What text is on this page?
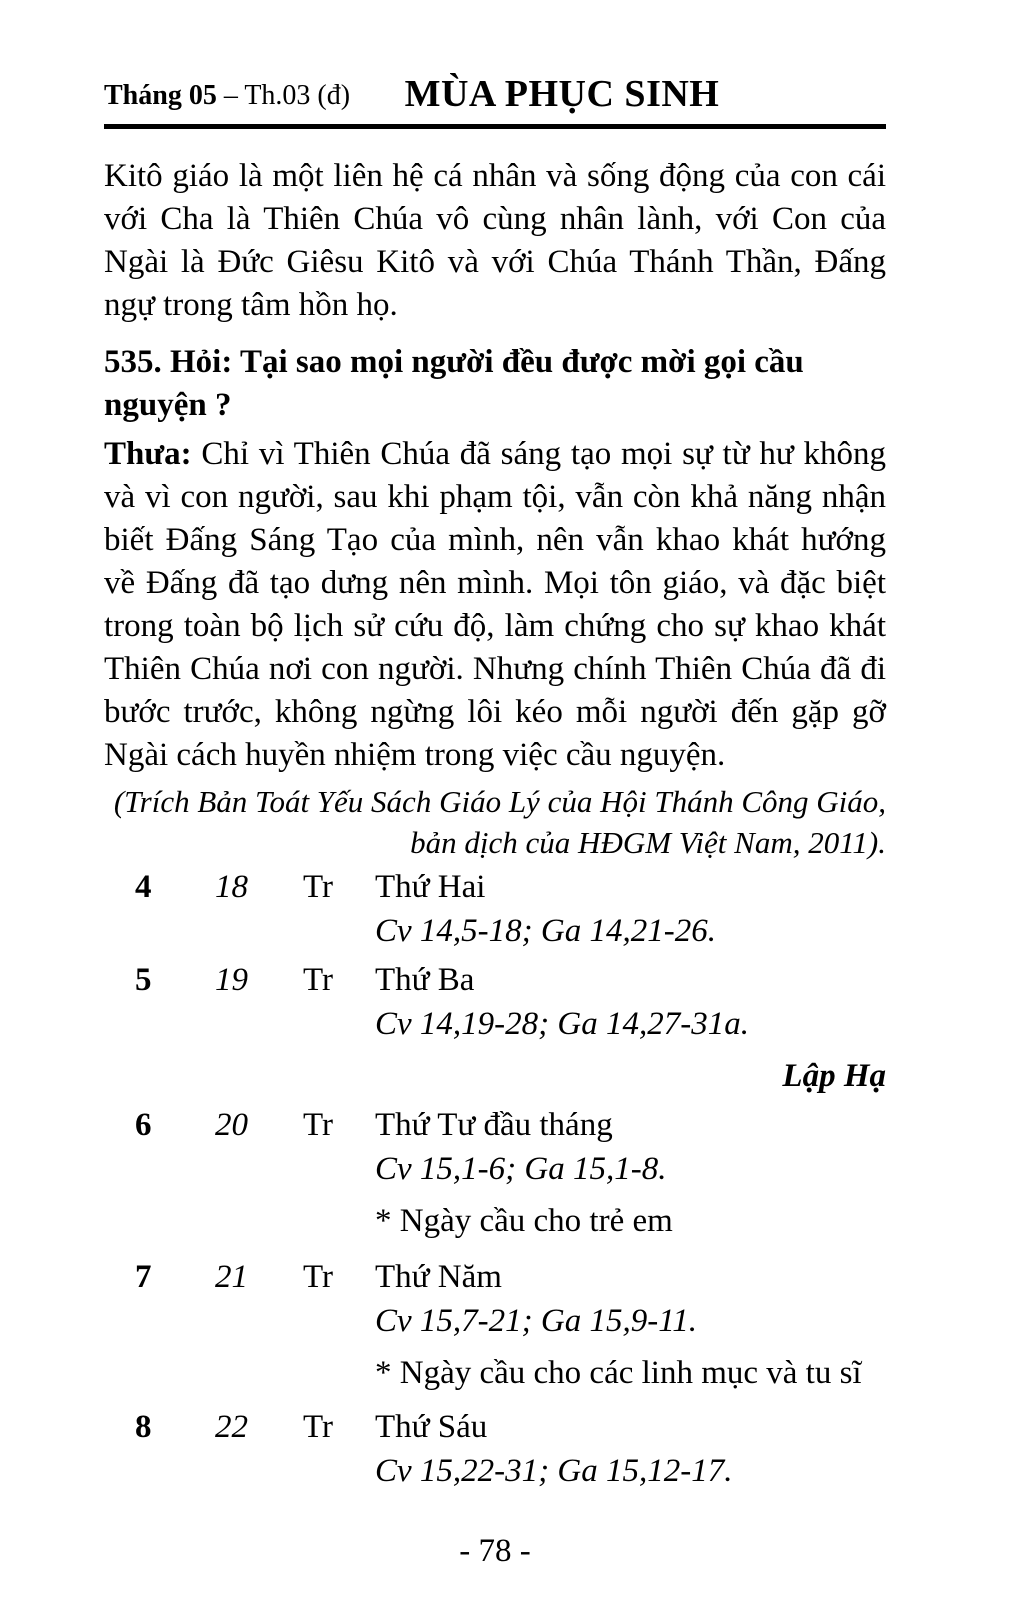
Tháng 05 – Th.03 (đ)	MÙA PHỤC SINH

Kitô giáo là một liên hệ cá nhân và sống động của con cái với Cha là Thiên Chúa vô cùng nhân lành, với Con của Ngài là Đức Giêsu Kitô và với Chúa Thánh Thần, Đấng ngự trong tâm hồn họ.

535. Hỏi: Tại sao mọi người đều được mời gọi cầu nguyện ?

Thưa: Chỉ vì Thiên Chúa đã sáng tạo mọi sự từ hư không và vì con người, sau khi phạm tội, vẫn còn khả năng nhận biết Đấng Sáng Tạo của mình, nên vẫn khao khát hướng về Đấng đã tạo dưng nên mình. Mọi tôn giáo, và đặc biệt trong toàn bộ lịch sử cứu độ, làm chứng cho sự khao khát Thiên Chúa nơi con người. Nhưng chính Thiên Chúa đã đi bước trước, không ngừng lôi kéo mỗi người đến gặp gỡ Ngài cách huyền nhiệm trong việc cầu nguyện.

(Trích Bản Toát Yếu Sách Giáo Lý của Hội Thánh Công Giáo,
bản dịch của HĐGM Việt Nam, 2011).
4	18	Tr	Thứ Hai
Cv 14,5-18; Ga 14,21-26.
5	19	Tr	Thứ Ba
Cv 14,19-28; Ga 14,27-31a.
Lập Hạ
6	20	Tr	Thứ Tư đầu tháng
Cv 15,1-6; Ga 15,1-8.
* Ngày cầu cho trẻ em
7	21	Tr	Thứ Năm
Cv 15,7-21; Ga 15,9-11.
* Ngày cầu cho các linh mục và tu sĩ
8	22	Tr	Thứ Sáu
Cv 15,22-31; Ga 15,12-17.
- 78 -
